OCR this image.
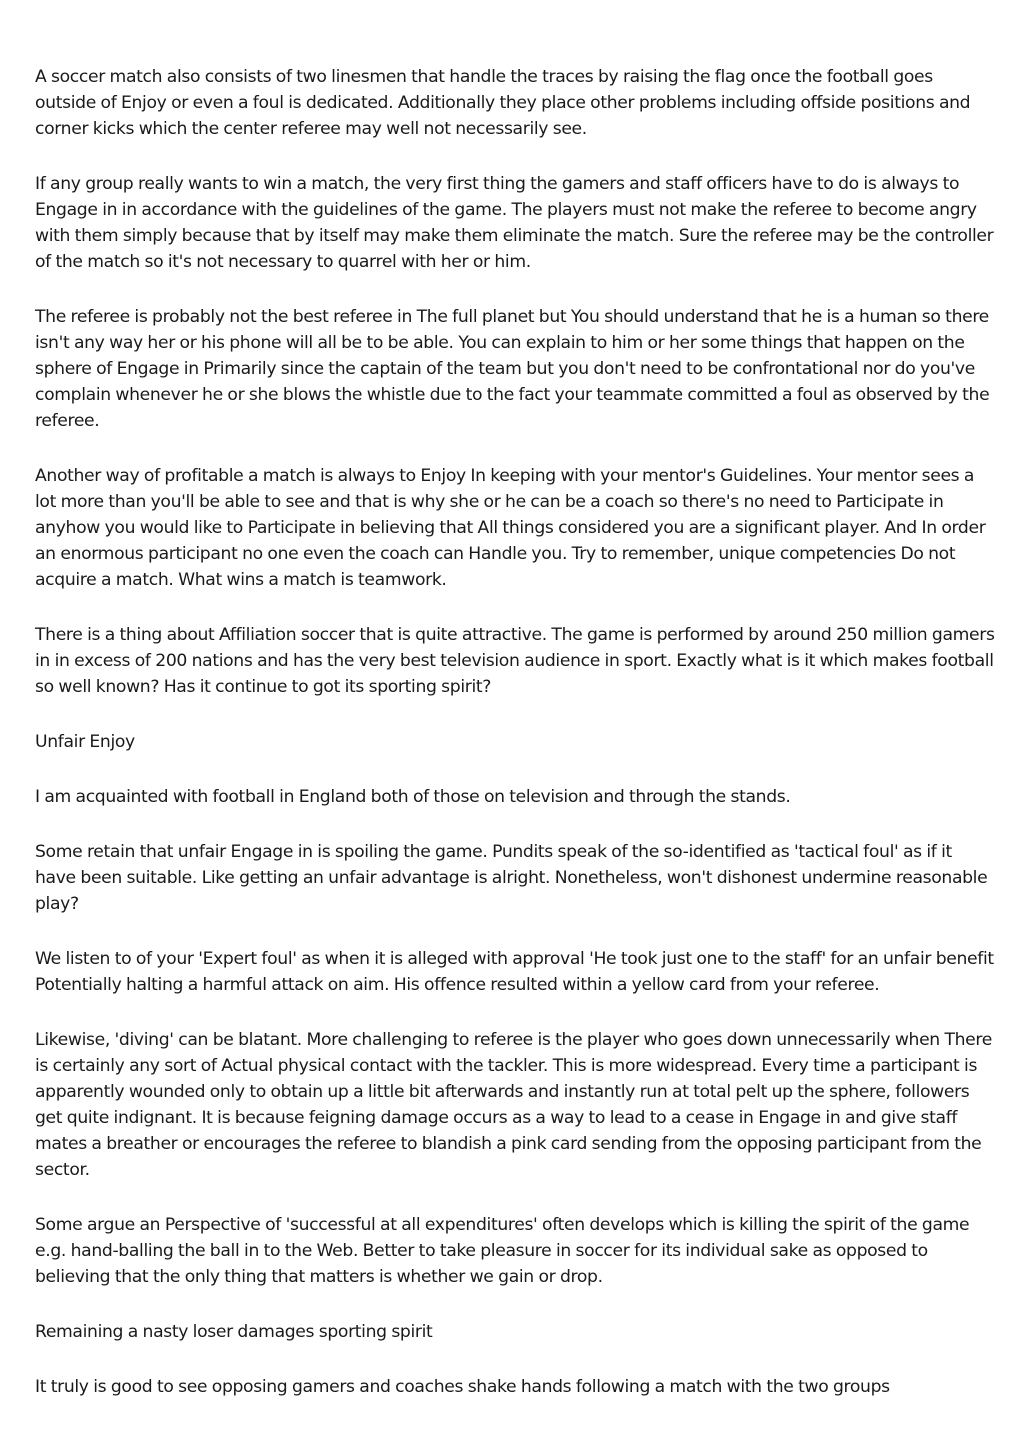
A soccer match also consists of two linesmen that handle the traces by raising the flag once the football goes outside of Enjoy or even a foul is dedicated. Additionally they place other problems including offside positions and corner kicks which the center referee may well not necessarily see.

If any group really wants to win a match, the very first thing the gamers and staff officers have to do is always to Engage in in accordance with the guidelines of the game. The players must not make the referee to become angry with them simply because that by itself may make them eliminate the match. Sure the referee may be the controller of the match so it's not necessary to quarrel with her or him.

The referee is probably not the best referee in The full planet but You should understand that he is a human so there isn't any way her or his phone will all be to be able. You can explain to him or her some things that happen on the sphere of Engage in Primarily since the captain of the team but you don't need to be confrontational nor do you've complain whenever he or she blows the whistle due to the fact your teammate committed a foul as observed by the referee.

Another way of profitable a match is always to Enjoy In keeping with your mentor's Guidelines. Your mentor sees a lot more than you'll be able to see and that is why she or he can be a coach so there's no need to Participate in anyhow you would like to Participate in believing that All things considered you are a significant player. And In order an enormous participant no one even the coach can Handle you. Try to remember, unique competencies Do not acquire a match. What wins a match is teamwork.

There is a thing about Affiliation soccer that is quite attractive. The game is performed by around 250 million gamers in in excess of 200 nations and has the very best television audience in sport. Exactly what is it which makes football so well known? Has it continue to got its sporting spirit?

Unfair Enjoy

I am acquainted with football in England both of those on television and through the stands.

Some retain that unfair Engage in is spoiling the game. Pundits speak of the so-identified as 'tactical foul' as if it have been suitable. Like getting an unfair advantage is alright. Nonetheless, won't dishonest undermine reasonable play?

We listen to of your 'Expert foul' as when it is alleged with approval 'He took just one to the staff' for an unfair benefit Potentially halting a harmful attack on aim. His offence resulted within a yellow card from your referee.

Likewise, 'diving' can be blatant. More challenging to referee is the player who goes down unnecessarily when There is certainly any sort of Actual physical contact with the tackler. This is more widespread. Every time a participant is apparently wounded only to obtain up a little bit afterwards and instantly run at total pelt up the sphere, followers get quite indignant. It is because feigning damage occurs as a way to lead to a cease in Engage in and give staff mates a breather or encourages the referee to blandish a pink card sending from the opposing participant from the sector.

Some argue an Perspective of 'successful at all expenditures' often develops which is killing the spirit of the game e.g. hand-balling the ball in to the Web. Better to take pleasure in soccer for its individual sake as opposed to believing that the only thing that matters is whether we gain or drop.

Remaining a nasty loser damages sporting spirit

It truly is good to see opposing gamers and coaches shake hands following a match with the two groups
